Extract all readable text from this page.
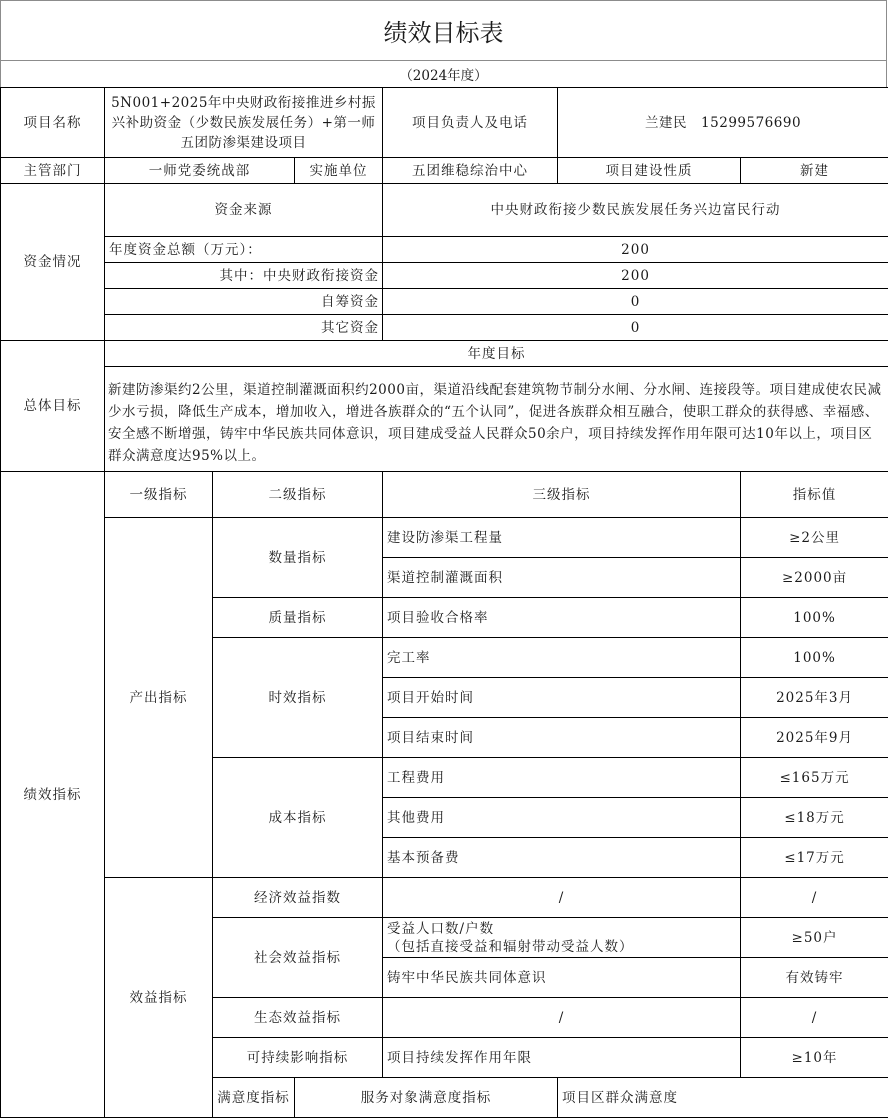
绩效目标表
（2024年度）
项目名称	5N001+2025年中央财政衔接推进乡村振兴补助资金（少数民族发展任务）+第一师五团防渗渠建设项目			项目负责人及电话	兰建民　15299576690		
主管部门	一师党委统战部		实施单位	五团维稳综治中心	项目建设性质	新建	
资金情况	资金来源			中央财政衔接少数民族发展任务兴边富民行动			
	年度资金总额（万元）：			200			
	其中：中央财政衔接资金			200			
	自筹资金			0			
	其它资金			0			
总体目标	年度目标						

	新建防渗渠约2公里，渠道控制灌溉面积约2000亩，渠道沿线配套建筑物节制分水闸、分水闸、连接段等。项目建成使农民减少水亏损，降低生产成本，增加收入，增进各族群众的“五个认同”，促进各族群众相互融合，使职工群众的获得感、幸福感、安全感不断增强，铸牢中华民族共同体意识，项目建成受益人民群众50余户，项目持续发挥作用年限可达10年以上，项目区群众满意度达95%以上。						

绩效指标	一级指标	二级指标		三级指标		指标值	
	产出指标	数量指标		建设防渗渠工程量		≥2公里	
				渠道控制灌溉面积		≥2000亩	
		质量指标		项目验收合格率		100%	
		时效指标		完工率		100%	
				项目开始时间		2025年3月	
				项目结束时间		2025年9月	
		成本指标		工程费用		≤165万元	
				其他费用		≤18万元	
				基本预备费		≤17万元	
	效益指标	经济效益指数		/		/	
		社会效益指标		受益人口数/户数
（包括直接受益和辐射带动受益人数）		≥50户	
				铸牢中华民族共同体意识		有效铸牢	
		生态效益指标		/		/	
		可持续影响指标		项目持续发挥作用年限		≥10年	
		满意度指标	服务对象满意度指标		项目区群众满意度	
